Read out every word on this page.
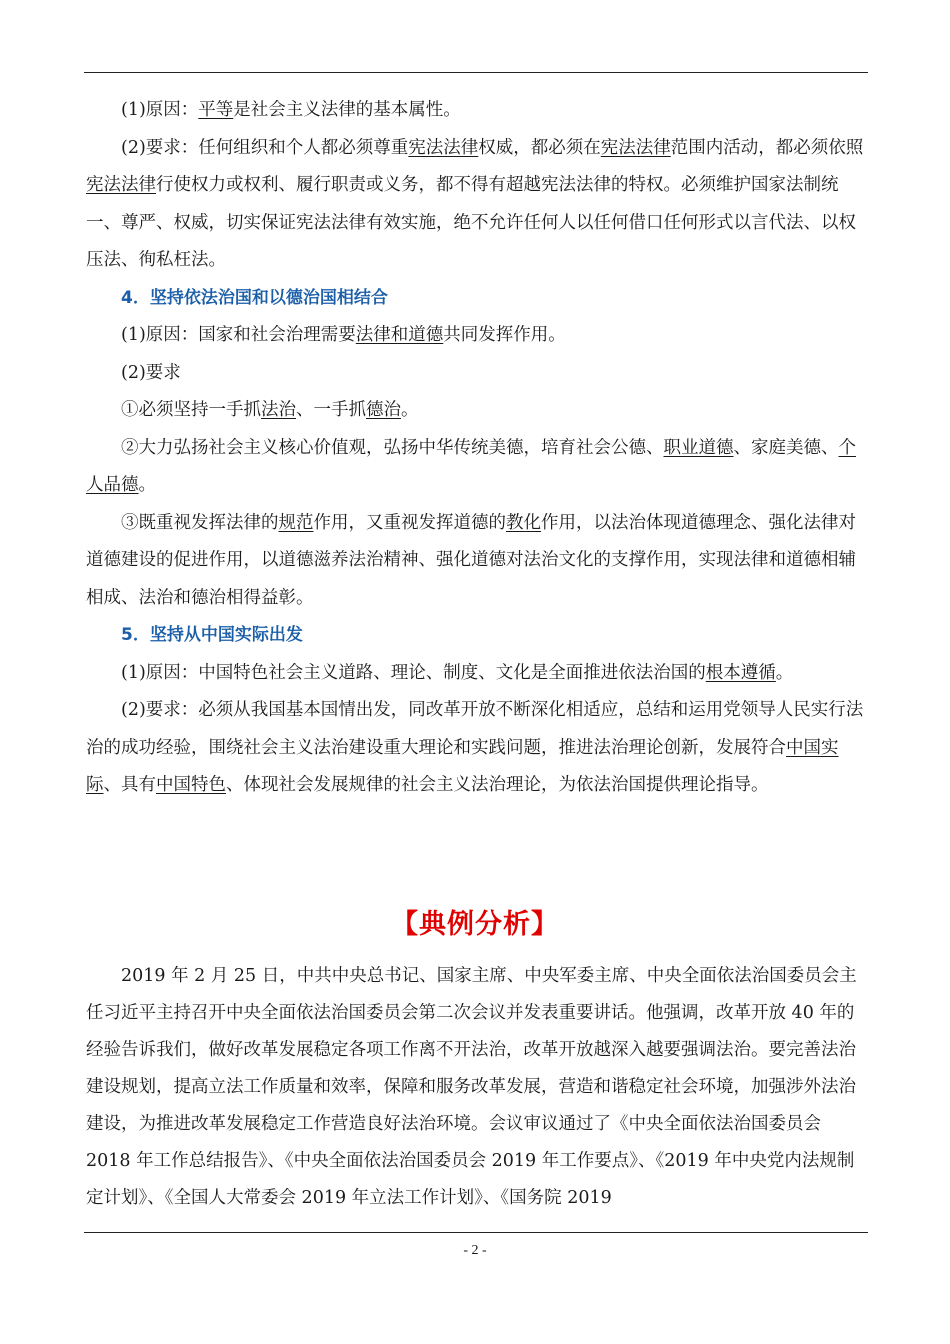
(1)原因：平等是社会主义法律的基本属性。

(2)要求：任何组织和个人都必须尊重宪法法律权威，都必须在宪法法律范围内活动，都必须依照宪法法律行使权力或权利、履行职责或义务，都不得有超越宪法法律的特权。必须维护国家法制统一、尊严、权威，切实保证宪法法律有效实施，绝不允许任何人以任何借口任何形式以言代法、以权压法、徇私枉法。

4．坚持依法治国和以德治国相结合

(1)原因：国家和社会治理需要法律和道德共同发挥作用。

(2)要求

①必须坚持一手抓法治、一手抓德治。

②大力弘扬社会主义核心价值观，弘扬中华传统美德，培育社会公德、职业道德、家庭美德、个人品德。

③既重视发挥法律的规范作用，又重视发挥道德的教化作用，以法治体现道德理念、强化法律对道德建设的促进作用，以道德滋养法治精神、强化道德对法治文化的支撑作用，实现法律和道德相辅相成、法治和德治相得益彰。

5．坚持从中国实际出发

(1)原因：中国特色社会主义道路、理论、制度、文化是全面推进依法治国的根本遵循。

(2)要求：必须从我国基本国情出发，同改革开放不断深化相适应，总结和运用党领导人民实行法治的成功经验，围绕社会主义法治建设重大理论和实践问题，推进法治理论创新，发展符合中国实际、具有中国特色、体现社会发展规律的社会主义法治理论，为依法治国提供理论指导。

【典例分析】

2019 年 2 月 25 日，中共中央总书记、国家主席、中央军委主席、中央全面依法治国委员会主任习近平主持召开中央全面依法治国委员会第二次会议并发表重要讲话。他强调，改革开放 40 年的经验告诉我们，做好改革发展稳定各项工作离不开法治，改革开放越深入越要强调法治。要完善法治建设规划，提高立法工作质量和效率，保障和服务改革发展，营造和谐稳定社会环境，加强涉外法治建设，为推进改革发展稳定工作营造良好法治环境。会议审议通过了《中央全面依法治国委员会 2018 年工作总结报告》、《中央全面依法治国委员会 2019 年工作要点》、《2019 年中央党内法规制定计划》、《全国人大常委会 2019 年立法工作计划》、《国务院 2019

- 2 -
